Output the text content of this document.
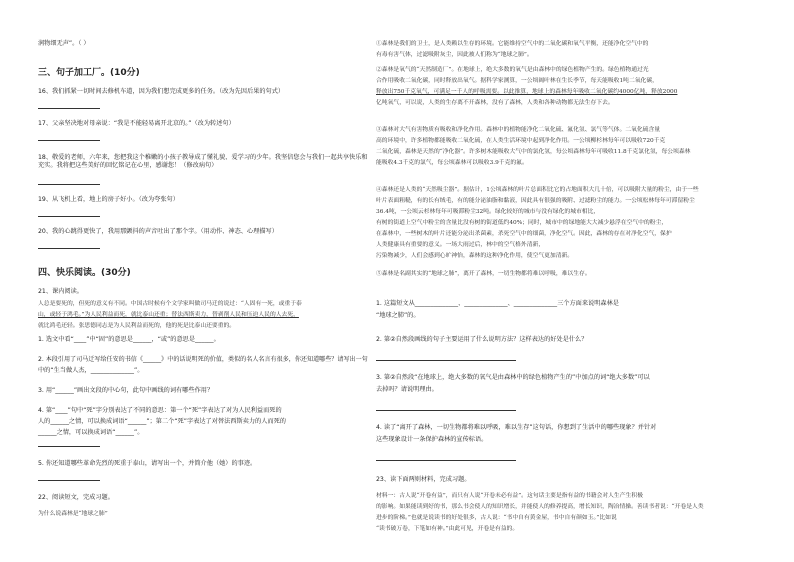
润物细无声”。（ ）
三、句子加工厂。(10分)
16、我们抓紧一切时间去修机车道，因为我们想完成更多的任务。（改为先因后果的句式）
17、父亲坚决地对母亲说：“我是不能轻易离开北京的。”（改为转述句）
18、敬爱的老师，六年来，您把我这个稚嫩的小孩子教导成了懂礼貌、爱学习的少年。我坚信您会与我们一起共享快乐和充实。我将把这些美好的回忆铭记在心里，感谢您！（修改病句）
19、从飞机上看，地上的房子好小。（改为夸张句）
20、我的心跳得更快了，我用那颤抖的声音吐出了那个字。（用动作、神态、心理描写）
四、快乐阅读。(30分)
21、课内阅读。
人总是要死的，但死的意义有不同。中国古时候有个文学家叫做司马迁的说过：“人固有一死，或重于泰
山，或轻于鸿毛。”为人民利益而死，就比泰山还重；替法西斯卖力，替剥削人民和压迫人民的人去死，
就比鸿毛还轻。张思德同志是为人民利益而死的，他的死是比泰山还要重的。
1. 选文中看“____”中“固”的意思是______，“或”的意思是______。
2. 本段引用了司马迁写给任安的书信《______》中的话说明死的价值，类似的名人名言有很多，你还知道哪些？请写出一句
中的“生当做人杰，______________”。
3. 用“______”画出文段的中心句，此句中画线的词有哪些作用？
4. 第“____”句中“死”字分别表达了不同的意思：第一个“死”字表达了对为人民利益而死的
人的______之情，可以换成词语“______”；第二个“死”字表达了对替法西斯卖力的人而死的
______之情，可以换成词语“______”。
5. 你还知道哪些革命先烈的死重于泰山，请写出一个，并简介他（她）的事迹。
22、阅读短文，完成习题。
为什么说森林是“地球之肺”
①森林是我们的卫士，是人类赖以生存的环境。它能维持空气中的二氧化碳和氧气平衡，还能净化空气中的
有毒有害气体，过滤吸附灰尘，因此被人们称为“地球之肺”。
②森林是氧气的“天然制造厂”。在地球上，绝大多数的氧气是由森林中的绿色植物产生的。绿色植物通过光
合作用吸收二氧化碳，同时释放出氧气。据科学家测算，一公顷阔叶林在生长季节，每天能吸收1吨二氧化碳，
释放出750千克氧气，可满足一千人的呼吸需要。以此推算，地球上的森林每年吸收二氧化碳约4000亿吨，释放2000
亿吨氧气，可以说，人类的生存离不开森林，没有了森林，人类和各种动物都无法生存下去。
③森林对大气有害物质有吸收和净化作用。森林中的植物能净化二氧化硫、氟化氢、氯气等气体。二氧化硫含量
高的环境中，许多植物都能吸收二氧化硫，在人类生活环境中起到净化作用。一公顷柳杉林每年可以吸收720千克
二氧化硫，森林是天然的“净化器”。许多树木能吸收大气中的氯化氢，每公顷森林每年可吸收11.8千克氯化氢，每公顷森林
能吸收4.3千克的氯气，每公顷森林可以吸收3.9千克的氟。
④森林还是人类的“天然吸尘器”。据估计，1公顷森林的叶片总面积比它的占地面积大几十倍，可以吸附大量的粉尘，由于一些
叶片表面粗糙，有的长有绒毛，有的能分泌油脂和黏液，因此具有很强的吸附、过滤粉尘的能力。一公顷松林每年可滞留粉尘
36.4吨，一公顷云杉林每年可吸滞粉尘32吨。绿化较好的城市与没有绿化的城市相比，
有树的街道上空气中粉尘的含量比没有树的街道低约40%；同时，城市中的绿地能大大减少悬浮在空气中的粉尘，
在森林中，一些树木的叶片还能分泌出杀菌素，杀死空气中的细菌，净化空气。因此，森林的存在对净化空气，保护
人类健康具有重要的意义。一场大雨过后，林中的空气格外清新，
污染物减少，人们会感到心旷神怡，森林的这种净化作用，使空气更加清新。
⑤森林是名副其实的“地球之肺”，离开了森林，一切生物都将难以呼吸，难以生存。
1. 这篇短文从______________、______________、______________三个方面来说明森林是
“地球之肺”的。
2. 第②自然段画线的句子主要运用了什么说明方法？这样表达的好处是什么？
3. 第②自然段“在地球上，绝大多数的氧气是由森林中的绿色植物产生的”中加点的词“绝大多数”可以
去掉吗？请说明理由。
4. 读了“离开了森林，一切生物都将难以呼吸，难以生存”这句话，你想到了生活中的哪些现象？并针对
这些现象设计一条保护森林的宣传标语。
23、读下面两则材料，完成习题。
材料一：古人说“开卷有益”，而只有人说“开卷未必有益”。这句话主要是指有益的书籍会对人生产生积极
的影响。如果能读到好的书，那么书会使人的知识增长，并能使人的修养提高，增长知识，陶冶情操。善读书者说：“开卷是人类
进步的阶梯。”也就是说读书的好处很多，古人说：“书中自有黄金屋，书中自有颜如玉。”比如说
“读书破万卷，下笔如有神。”由此可见，开卷是有益的。
